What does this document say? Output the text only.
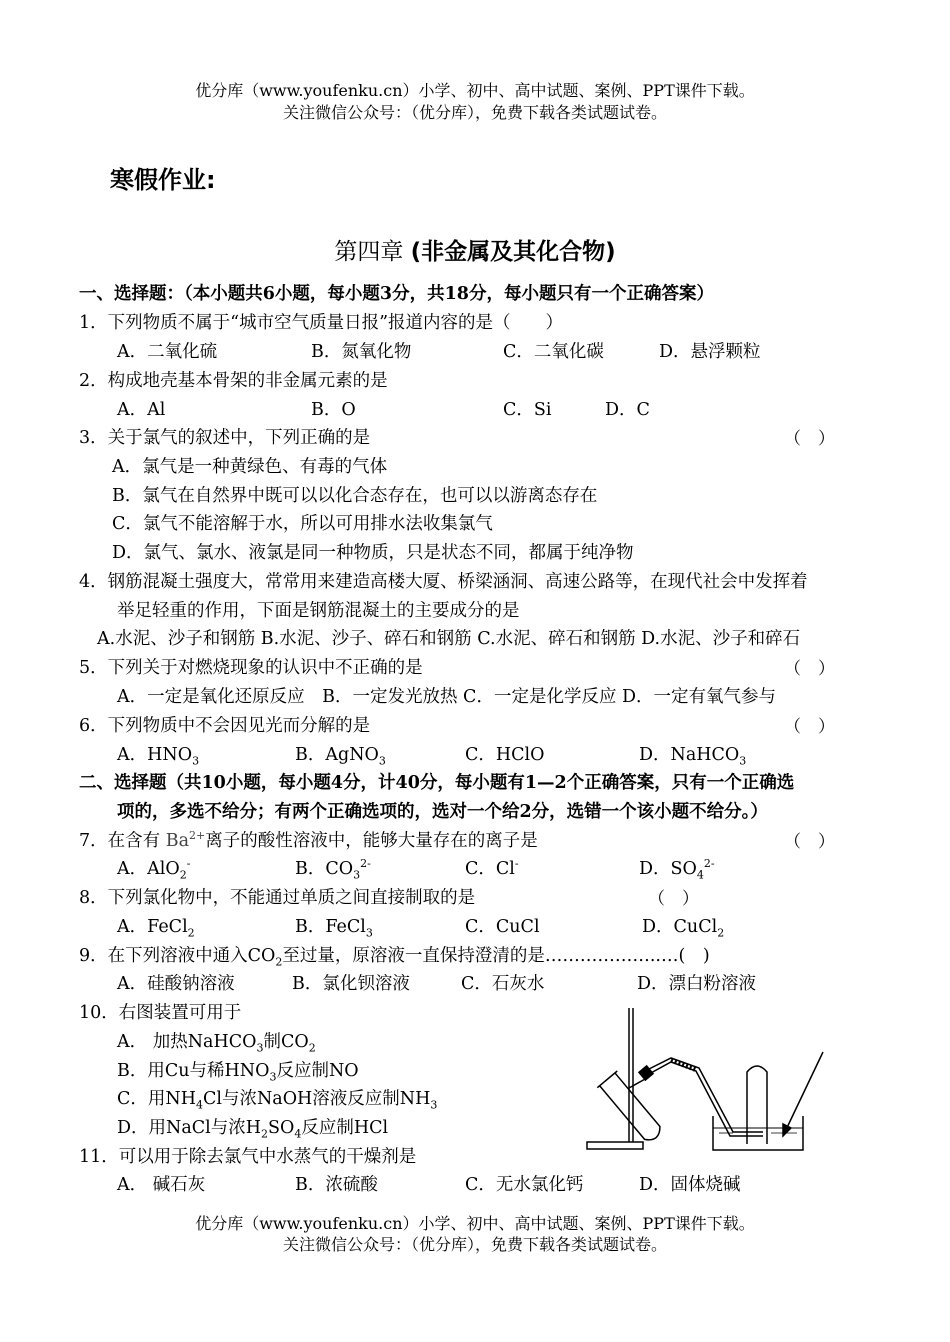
优分库（www.youfenku.cn）小学、初中、高中试题、案例、PPT课件下载。
关注微信公众号：（优分库），免费下载各类试题试卷。
寒假作业:
第四章 (非金属及其化合物)
一、选择题：（本小题共6小题，每小题3分，共18分，每小题只有一个正确答案）
1．下列物质不属于“城市空气质量日报”报道内容的是（　　）
A．二氧化硫	B．氮氧化物	C．二氧化碳	D．悬浮颗粒
2．构成地壳基本骨架的非金属元素的是
A．Al	B．O	C．Si	D．C
3．关于氯气的叙述中，下列正确的是	（　）
A．氯气是一种黄绿色、有毒的气体
B．氯气在自然界中既可以以化合态存在，也可以以游离态存在
C．氯气不能溶解于水，所以可用排水法收集氯气
D．氯气、氯水、液氯是同一种物质，只是状态不同，都属于纯净物
4．钢筋混凝土强度大，常常用来建造高楼大厦、桥梁涵洞、高速公路等，在现代社会中发挥着
举足轻重的作用，下面是钢筋混凝土的主要成分的是
A.水泥、沙子和钢筋 B.水泥、沙子、碎石和钢筋 C.水泥、碎石和钢筋 D.水泥、沙子和碎石
5．下列关于对燃烧现象的认识中不正确的是	（　）
A．一定是氧化还原反应　B．一定发光放热 C．一定是化学反应 D．一定有氧气参与
6．下列物质中不会因见光而分解的是	（　）
A．$HNO_3$	B．AgNO$_3$	C．HClO	D．NaHCO$_3$
二、选择题（共10小题，每小题4分，计40分，每小题有1—2个正确答案，只有一个正确选
项的，多选不给分；有两个正确选项的，选对一个给2分，选错一个该小题不给分。）
7．在含有 $Ba^{2+}$离子的酸性溶液中，能够大量存在的离子是	（　）
A．AlO$_2$-	B．$CO_3^{2-}$	C．Cl-	D．$SO_4^{2-}$
8．下列氯化物中，不能通过单质之间直接制取的是	（　）
A．FeCl$_2$	B．FeCl$_3$	C．CuCl	D．CuCl$_2$
9．在下列溶液中通入$CO_2$至过量，原溶液一直保持澄清的是………………..…(　)
A．硅酸钠溶液	B．氯化钡溶液	C．石灰水	D．漂白粉溶液
10．右图装置可用于
A． 加热NaHCO$_3$制$CO_2$
B．用Cu与稀$HNO_3$反应制NO
C．用$NH_4Cl$与浓NaOH溶液反应制$NH_3$
D．用NaCl与浓$H_2SO_4$反应制HCl
11．可以用于除去氯气中水蒸气的干燥剂是
A． 碱石灰	B．浓硫酸	C．无水氯化钙	D．固体烧碱
优分库（www.youfenku.cn）小学、初中、高中试题、案例、PPT课件下载。
关注微信公众号：（优分库），免费下载各类试题试卷。
